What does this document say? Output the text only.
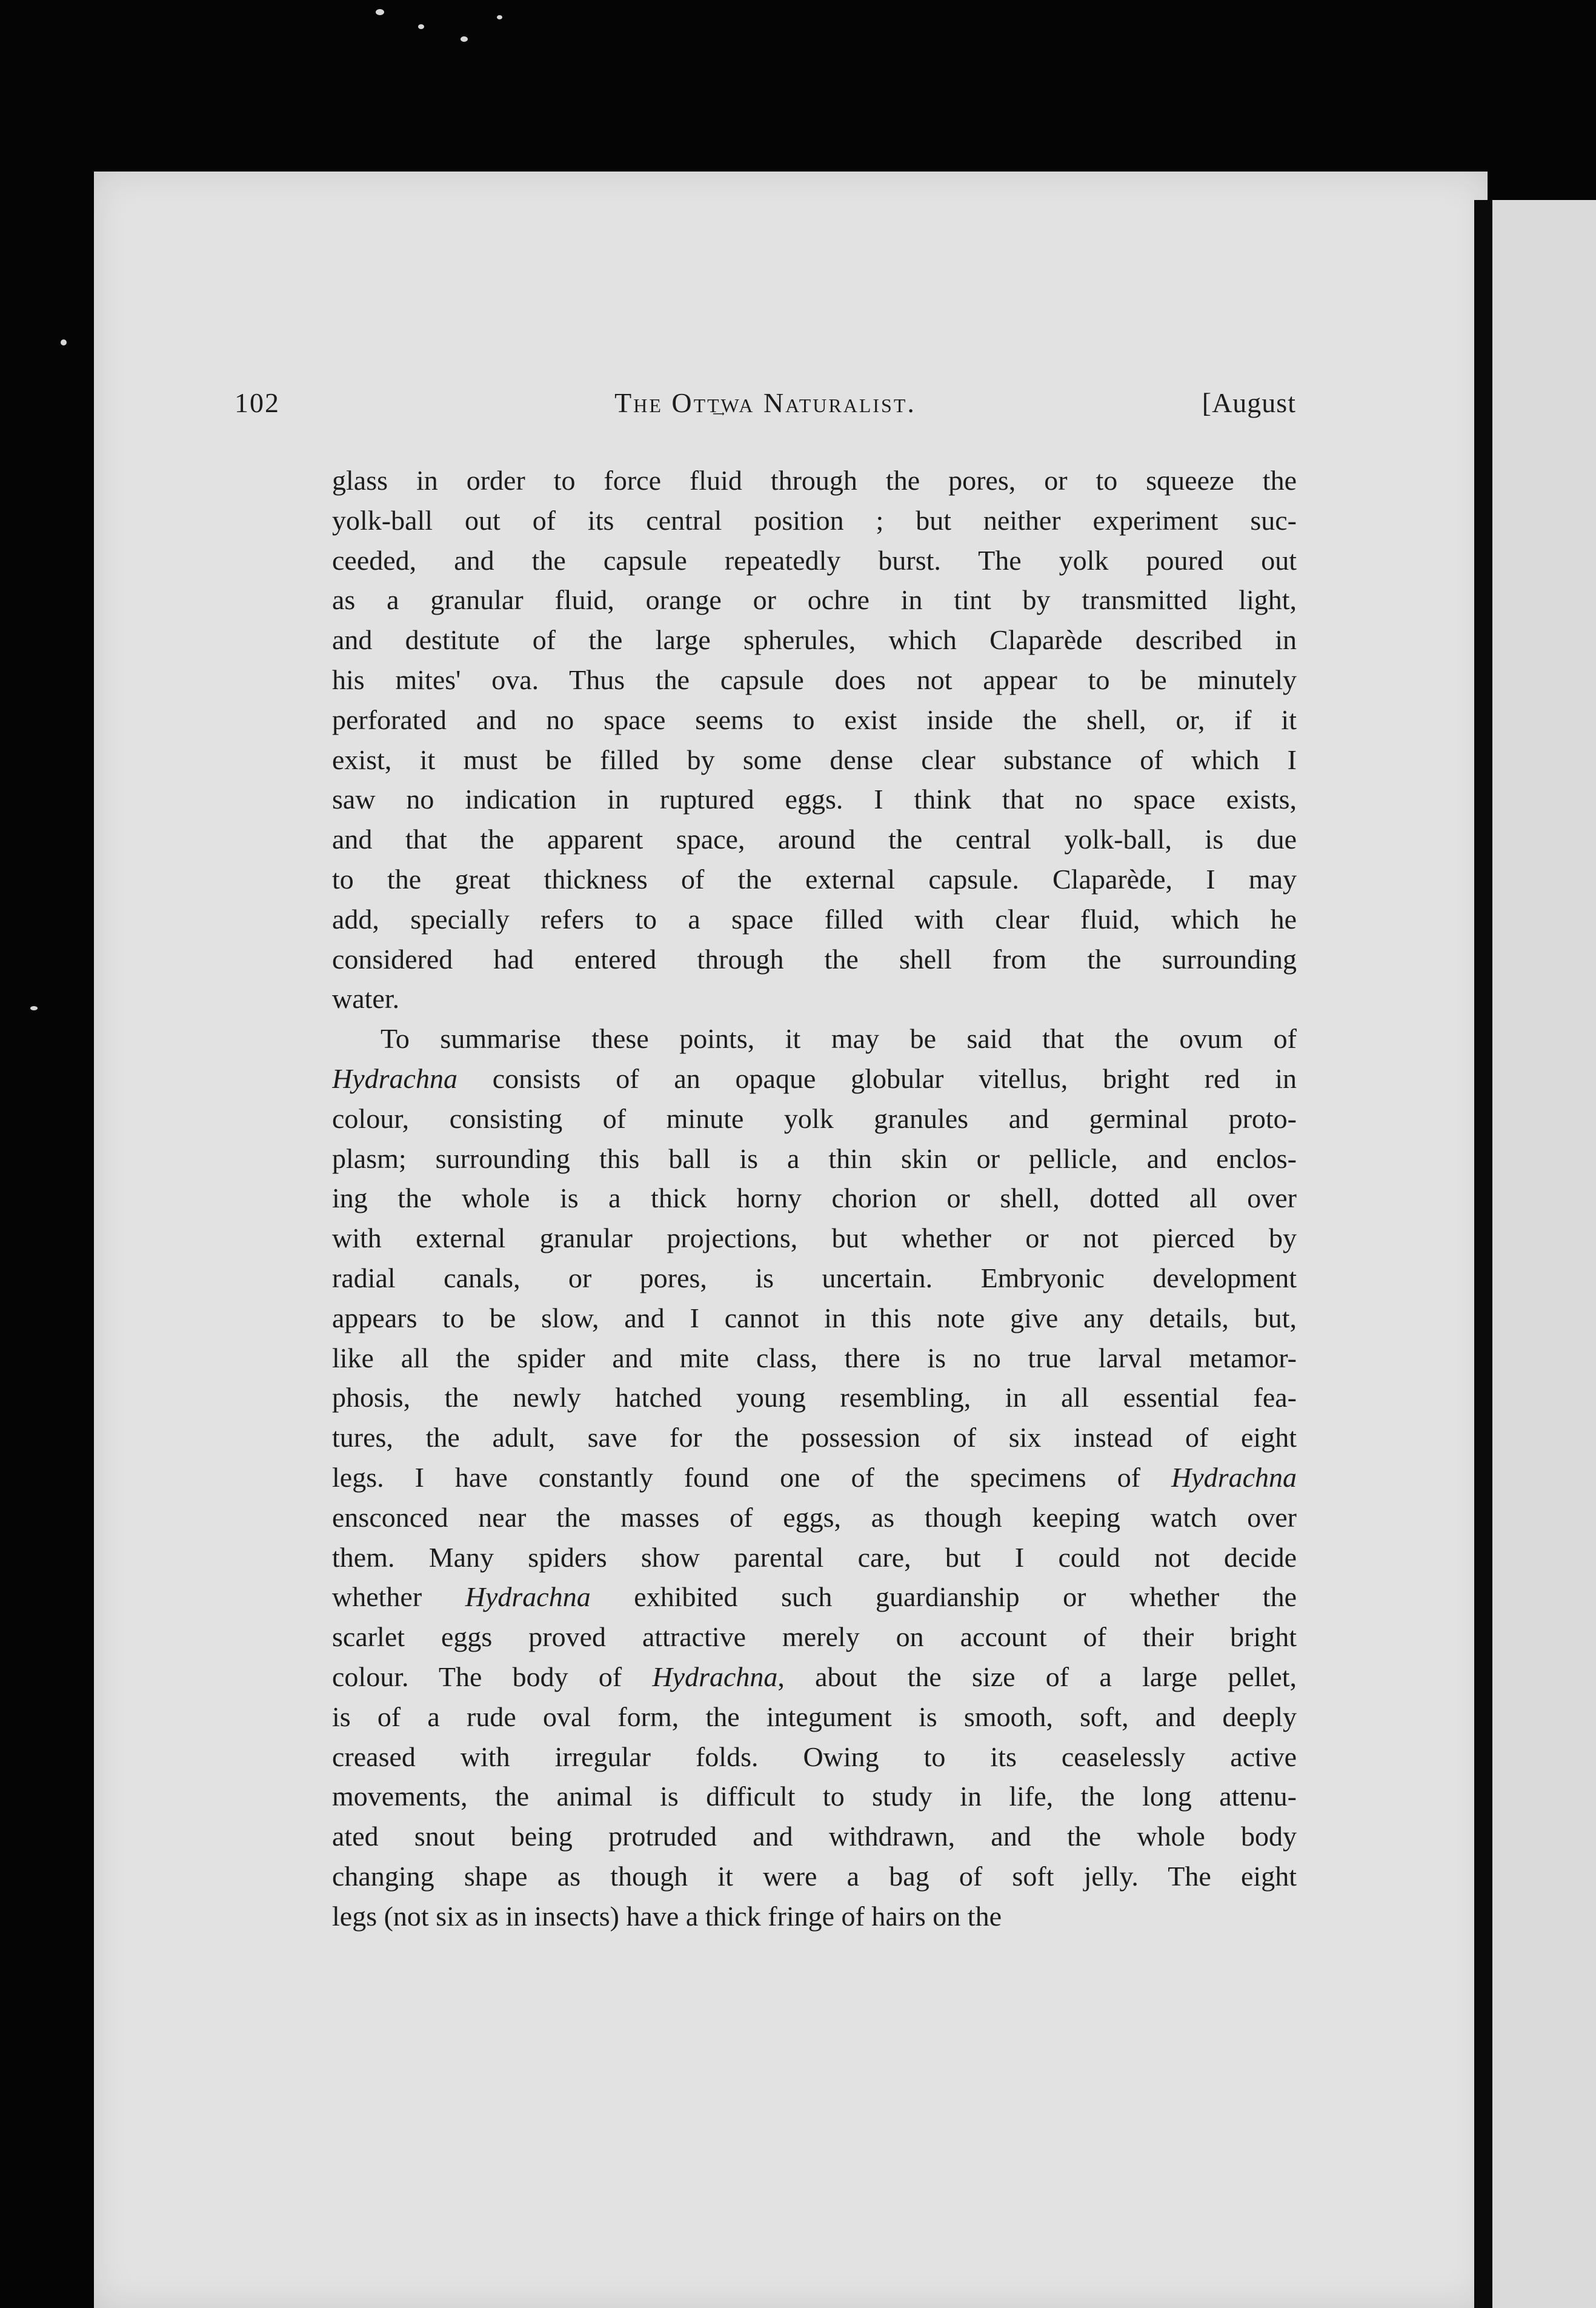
102	The Ott͢wa Naturalist.	[August
glass in order to force fluid through the pores, or to squeeze the
yolk-ball out of its central position ; but neither experiment suc-
ceeded, and the capsule repeatedly burst. The yolk poured out
as a granular fluid, orange or ochre in tint by transmitted light,
and destitute of the large spherules, which Claparède described in
his mites' ova. Thus the capsule does not appear to be minutely
perforated and no space seems to exist inside the shell, or, if it
exist, it must be filled by some dense clear substance of which I
saw no indication in ruptured eggs. I think that no space exists,
and that the apparent space, around the central yolk-ball, is due
to the great thickness of the external capsule. Claparède, I may
add, specially refers to a space filled with clear fluid, which he
considered had entered through the shell from the surrounding
water.
To summarise these points, it may be said that the ovum of
Hydrachna consists of an opaque globular vitellus, bright red in
colour, consisting of minute yolk granules and germinal proto-
plasm; surrounding this ball is a thin skin or pellicle, and enclos-
ing the whole is a thick horny chorion or shell, dotted all over
with external granular projections, but whether or not pierced by
radial canals, or pores, is uncertain. Embryonic development
appears to be slow, and I cannot in this note give any details, but,
like all the spider and mite class, there is no true larval metamor-
phosis, the newly hatched young resembling, in all essential fea-
tures, the adult, save for the possession of six instead of eight
legs. I have constantly found one of the specimens of Hydrachna
ensconced near the masses of eggs, as though keeping watch over
them. Many spiders show parental care, but I could not decide
whether Hydrachna exhibited such guardianship or whether the
scarlet eggs proved attractive merely on account of their bright
colour. The body of Hydrachna, about the size of a large pellet,
is of a rude oval form, the integument is smooth, soft, and deeply
creased with irregular folds. Owing to its ceaselessly active
movements, the animal is difficult to study in life, the long attenu-
ated snout being protruded and withdrawn, and the whole body
changing shape as though it were a bag of soft jelly. The eight
legs (not six as in insects) have a thick fringe of hairs on the
